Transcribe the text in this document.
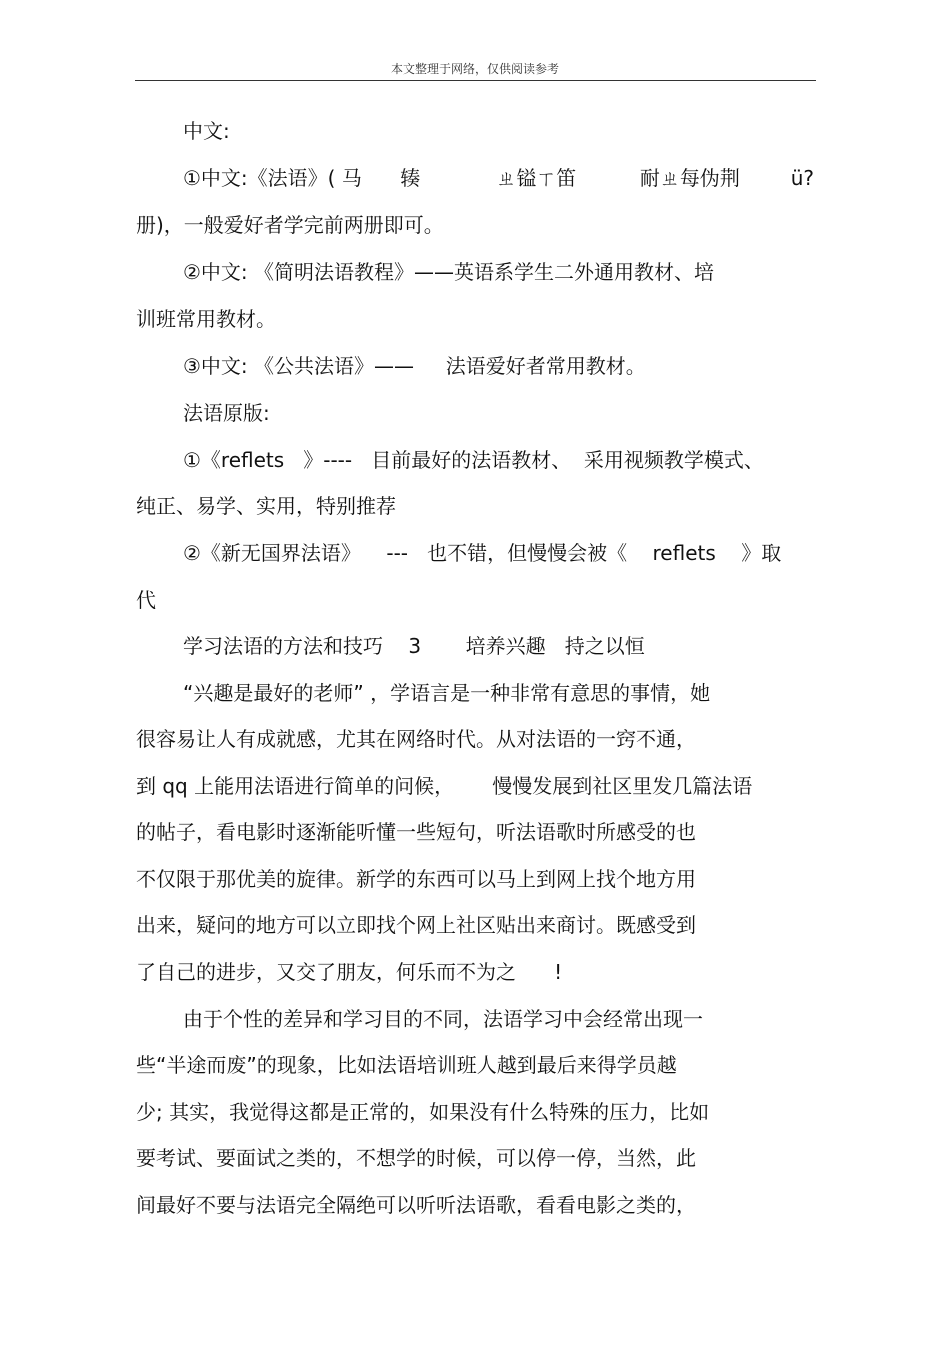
本文整理于网络，仅供阅读参考
中文:
①中文:《法语》( 马      辏            ㄓ镒ㄒ笛          耐ㄓ每伪荆        ü?
册)，一般爱好者学完前两册即可。
②中文: 《简明法语教程》——英语系学生二外通用教材、培
训班常用教材。
③中文: 《公共法语》——     法语爱好者常用教材。
法语原版:
①《reflets   》----   目前最好的法语教材、  采用视频教学模式、
纯正、易学、实用，特别推荐
②《新无国界法语》    ---   也不错，但慢慢会被《    reflets    》取
代
学习法语的方法和技巧    3       培养兴趣   持之以恒
“兴趣是最好的老师” ，学语言是一种非常有意思的事情，她
很容易让人有成就感，尤其在网络时代。从对法语的一窍不通，
到 qq 上能用法语进行简单的问候，      慢慢发展到社区里发几篇法语
的帖子，看电影时逐渐能听懂一些短句，听法语歌时所感受的也
不仅限于那优美的旋律。新学的东西可以马上到网上找个地方用
出来，疑问的地方可以立即找个网上社区贴出来商讨。既感受到
了自己的进步，又交了朋友，何乐而不为之      !
由于个性的差异和学习目的不同，法语学习中会经常出现一
些“半途而废”的现象，比如法语培训班人越到最后来得学员越
少; 其实，我觉得这都是正常的，如果没有什么特殊的压力，比如
要考试、要面试之类的，不想学的时候，可以停一停，当然，此
间最好不要与法语完全隔绝可以听听法语歌，看看电影之类的，
